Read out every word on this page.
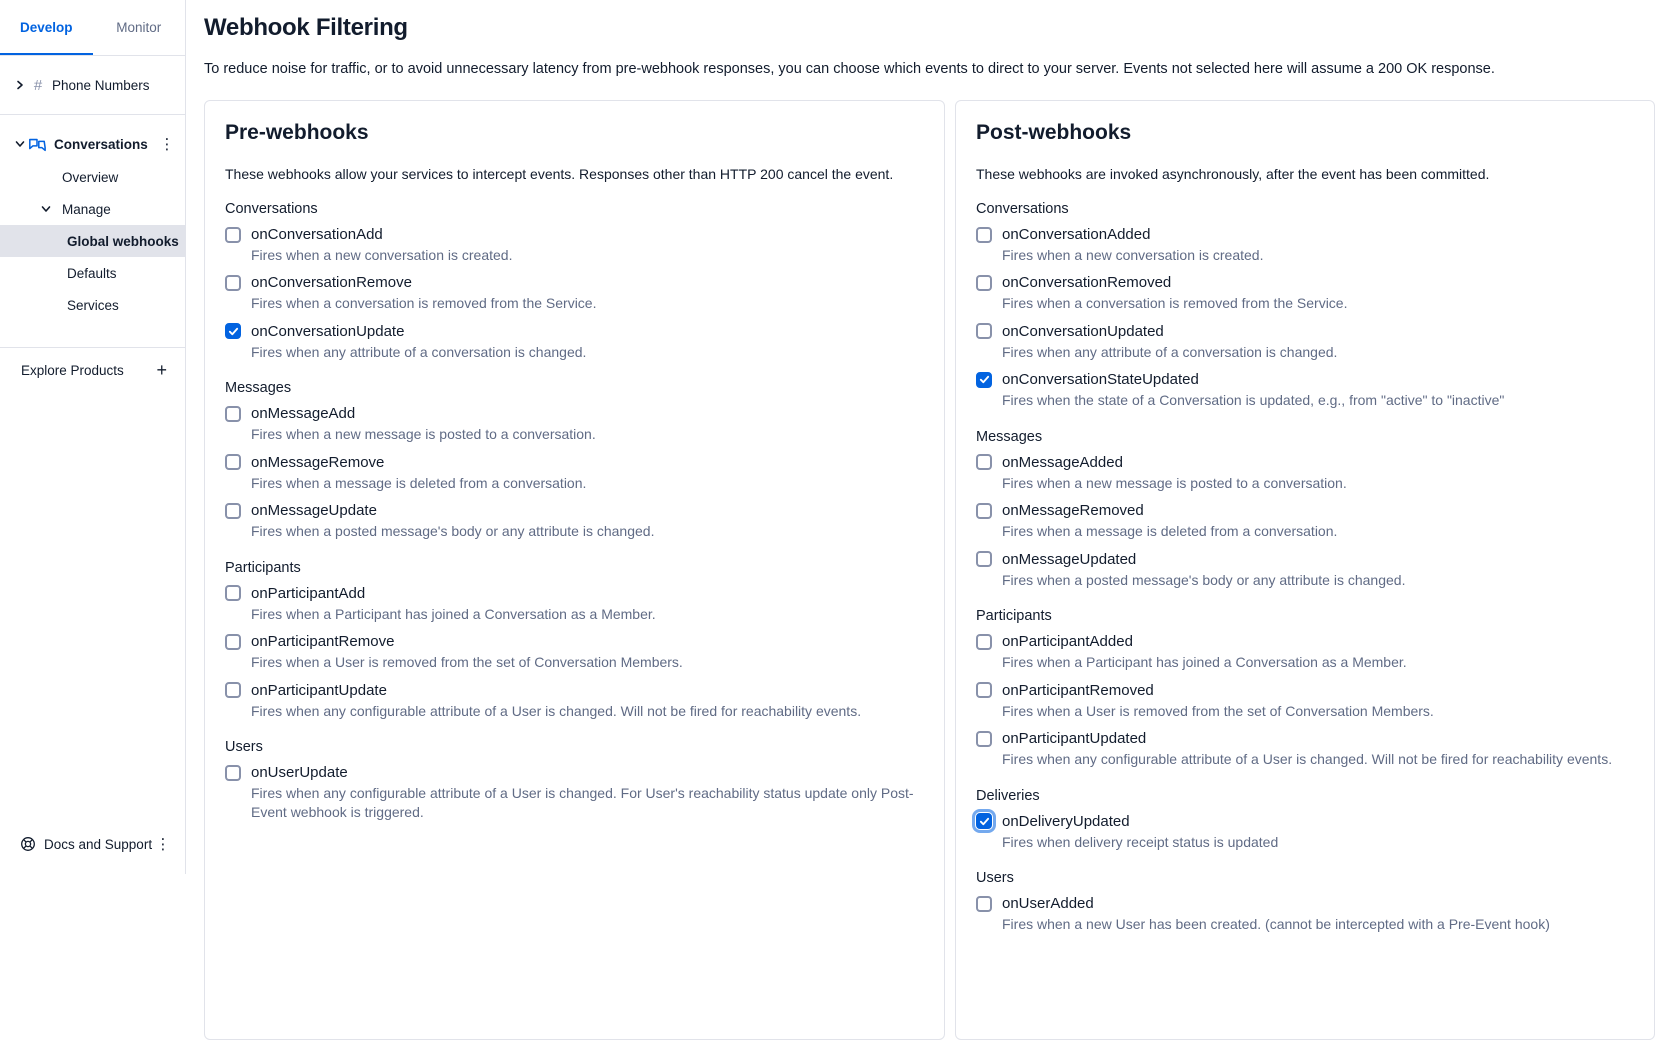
Develop	Monitor
# Phone Numbers
Conversations ⋮
Overview
Manage
Global webhooks
Defaults
Services
Explore Products +
Docs and Support ⋮
Webhook Filtering

To reduce noise for traffic, or to avoid unnecessary latency from pre-webhook responses, you can choose which events to direct to your server. Events not selected here will assume a 200 OK response.

Pre-webhooks

These webhooks allow your services to intercept events. Responses other than HTTP 200 cancel the event.

Conversations
onConversationAdd
Fires when a new conversation is created.
onConversationRemove
Fires when a conversation is removed from the Service.
onConversationUpdate
Fires when any attribute of a conversation is changed.
Messages
onMessageAdd
Fires when a new message is posted to a conversation.
onMessageRemove
Fires when a message is deleted from a conversation.
onMessageUpdate
Fires when a posted message's body or any attribute is changed.
Participants
onParticipantAdd
Fires when a Participant has joined a Conversation as a Member.
onParticipantRemove
Fires when a User is removed from the set of Conversation Members.
onParticipantUpdate
Fires when any configurable attribute of a User is changed. Will not be fired for reachability events.
Users
onUserUpdate
Fires when any configurable attribute of a User is changed. For User's reachability status update only Post-Event webhook is triggered.
Post-webhooks

These webhooks are invoked asynchronously, after the event has been committed.

Conversations
onConversationAdded
Fires when a new conversation is created.
onConversationRemoved
Fires when a conversation is removed from the Service.
onConversationUpdated
Fires when any attribute of a conversation is changed.
onConversationStateUpdated
Fires when the state of a Conversation is updated, e.g., from "active" to "inactive"
Messages
onMessageAdded
Fires when a new message is posted to a conversation.
onMessageRemoved
Fires when a message is deleted from a conversation.
onMessageUpdated
Fires when a posted message's body or any attribute is changed.
Participants
onParticipantAdded
Fires when a Participant has joined a Conversation as a Member.
onParticipantRemoved
Fires when a User is removed from the set of Conversation Members.
onParticipantUpdated
Fires when any configurable attribute of a User is changed. Will not be fired for reachability events.
Deliveries
onDeliveryUpdated
Fires when delivery receipt status is updated
Users
onUserAdded
Fires when a new User has been created. (cannot be intercepted with a Pre-Event hook)
